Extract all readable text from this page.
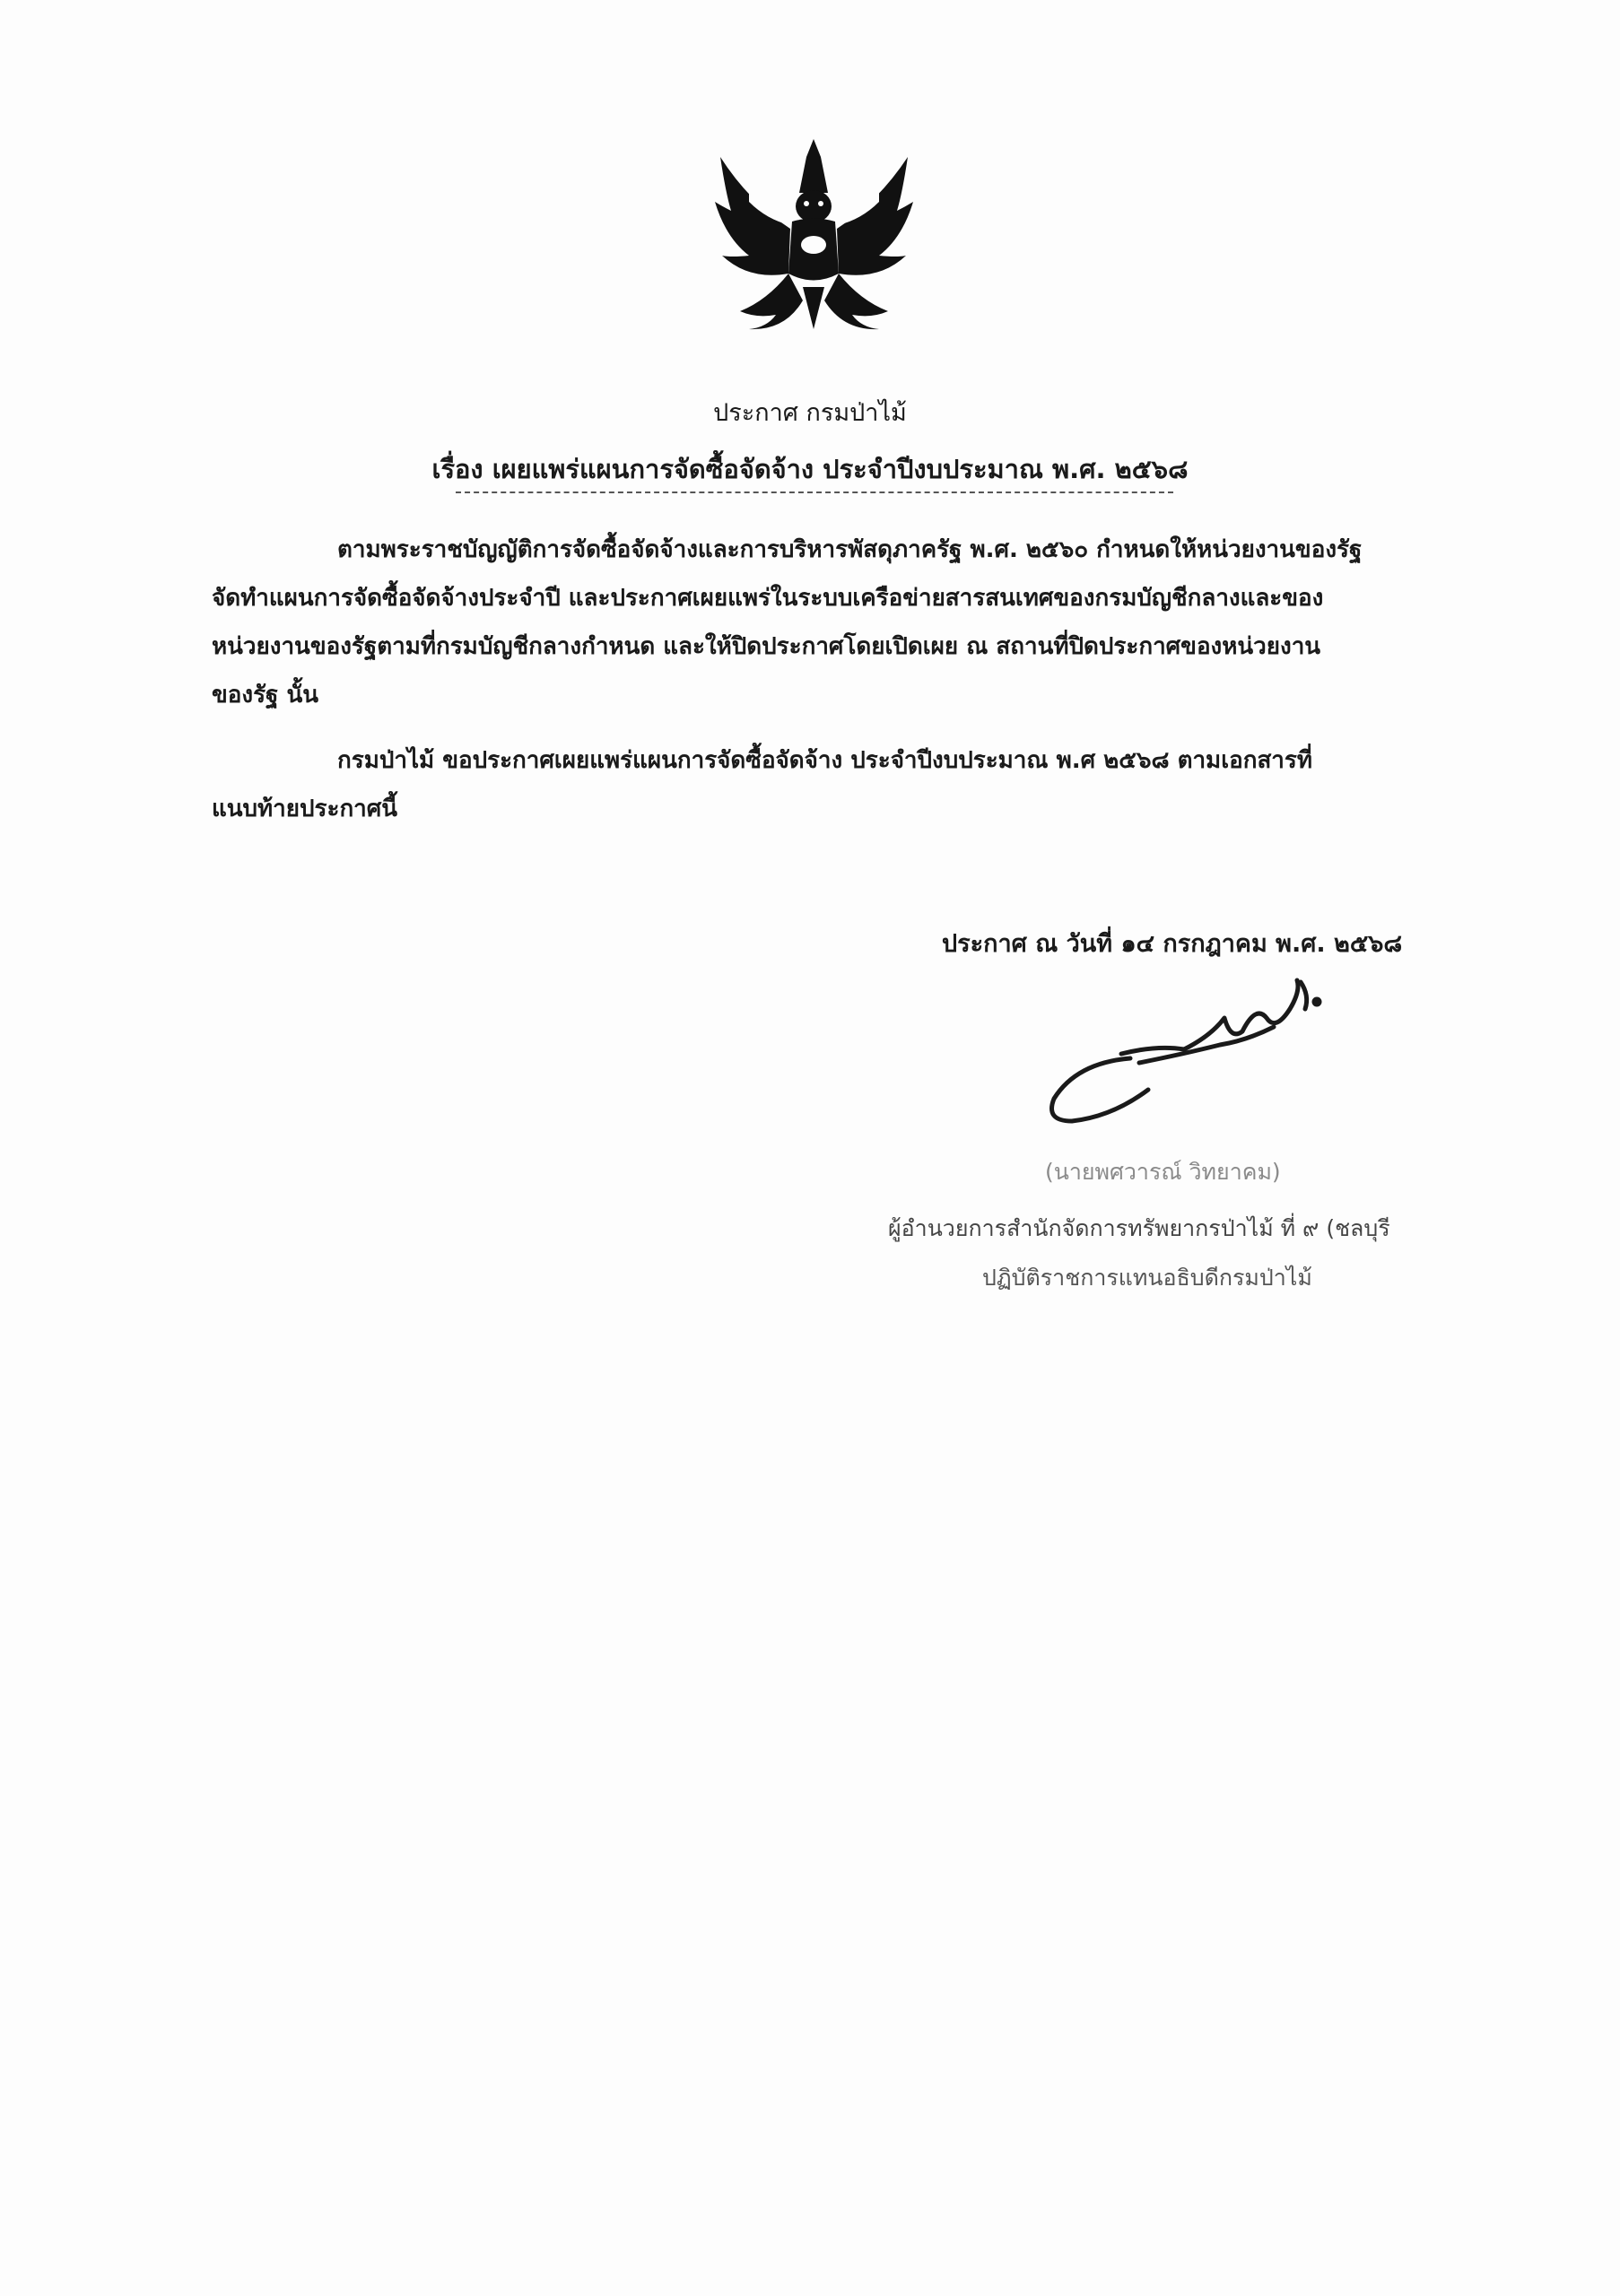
ประกาศ กรมป่าไม้
เรื่อง เผยแพร่แผนการจัดซื้อจัดจ้าง ประจำปีงบประมาณ พ.ศ. ๒๕๖๘
ตามพระราชบัญญัติการจัดซื้อจัดจ้างและการบริหารพัสดุภาครัฐ พ.ศ. ๒๕๖๐ กำหนดให้หน่วยงานของรัฐ
จัดทำแผนการจัดซื้อจัดจ้างประจำปี และประกาศเผยแพร่ในระบบเครือข่ายสารสนเทศของกรมบัญชีกลางและของ
หน่วยงานของรัฐตามที่กรมบัญชีกลางกำหนด และให้ปิดประกาศโดยเปิดเผย ณ สถานที่ปิดประกาศของหน่วยงาน
ของรัฐ นั้น
กรมป่าไม้ ขอประกาศเผยแพร่แผนการจัดซื้อจัดจ้าง ประจำปีงบประมาณ พ.ศ ๒๕๖๘ ตามเอกสารที่
แนบท้ายประกาศนี้
ประกาศ ณ วันที่ ๑๔ กรกฎาคม พ.ศ. ๒๕๖๘
(นายพศวารณ์ วิทยาคม)
ผู้อำนวยการสำนักจัดการทรัพยากรป่าไม้ ที่ ๙ (ชลบุรี
ปฏิบัติราชการแทนอธิบดีกรมป่าไม้
